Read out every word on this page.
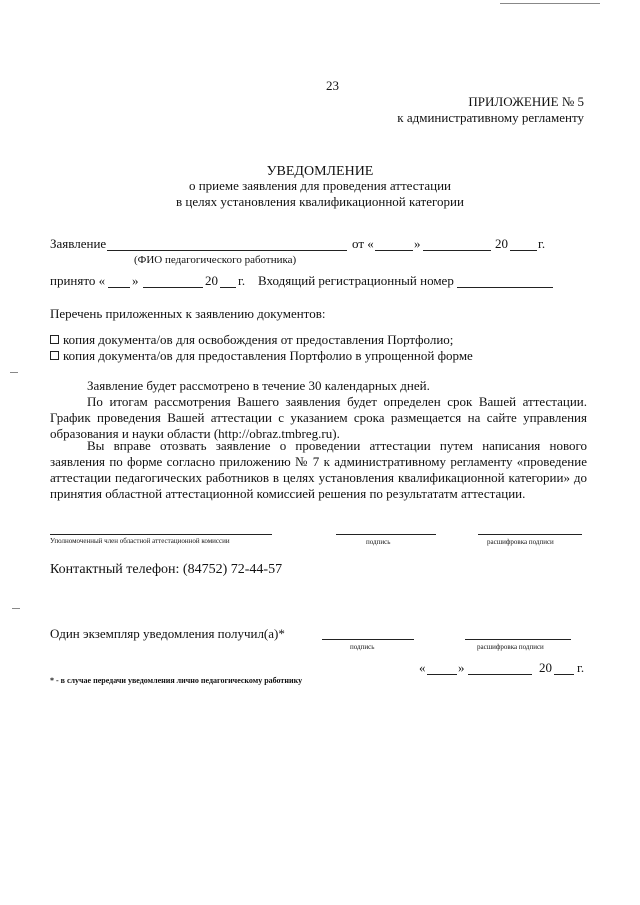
23
ПРИЛОЖЕНИЕ № 5
к административному регламенту
УВЕДОМЛЕНИЕ
о приеме заявления для проведения аттестации
в целях установления квалификационной категории
Заявление	от «	»	20 г.
(ФИО педагогического работника)
принято « »	20 г. Входящий регистрационный номер
Перечень приложенных к заявлению документов:
копия документа/ов для освобождения от предоставления Портфолио;
копия документа/ов для предоставления Портфолио в упрощенной форме
Заявление будет рассмотрено в течение 30 календарных дней.

По итогам рассмотрения Вашего заявления будет определен срок Вашей аттестации. График проведения Вашей аттестации с указанием срока размещается на сайте управления образования и науки области (http://obraz.tmbreg.ru).

Вы вправе отозвать заявление о проведении аттестации путем написания нового заявления по форме согласно приложению № 7 к административному регламенту «проведение аттестации педагогических работников в целях установления квалификационной категории» до принятия областной аттестационной комиссией решения по результататм аттестации.

Уполномоченный член областной аттестационной комиссии	подпись	расшифровка подписи
Контактный телефон: (84752) 72-44-57
Один экземпляр уведомления получил(а)*
подпись	расшифровка подписи
«	»	20 г.
* - в случае передачи уведомления лично педагогическому работнику
